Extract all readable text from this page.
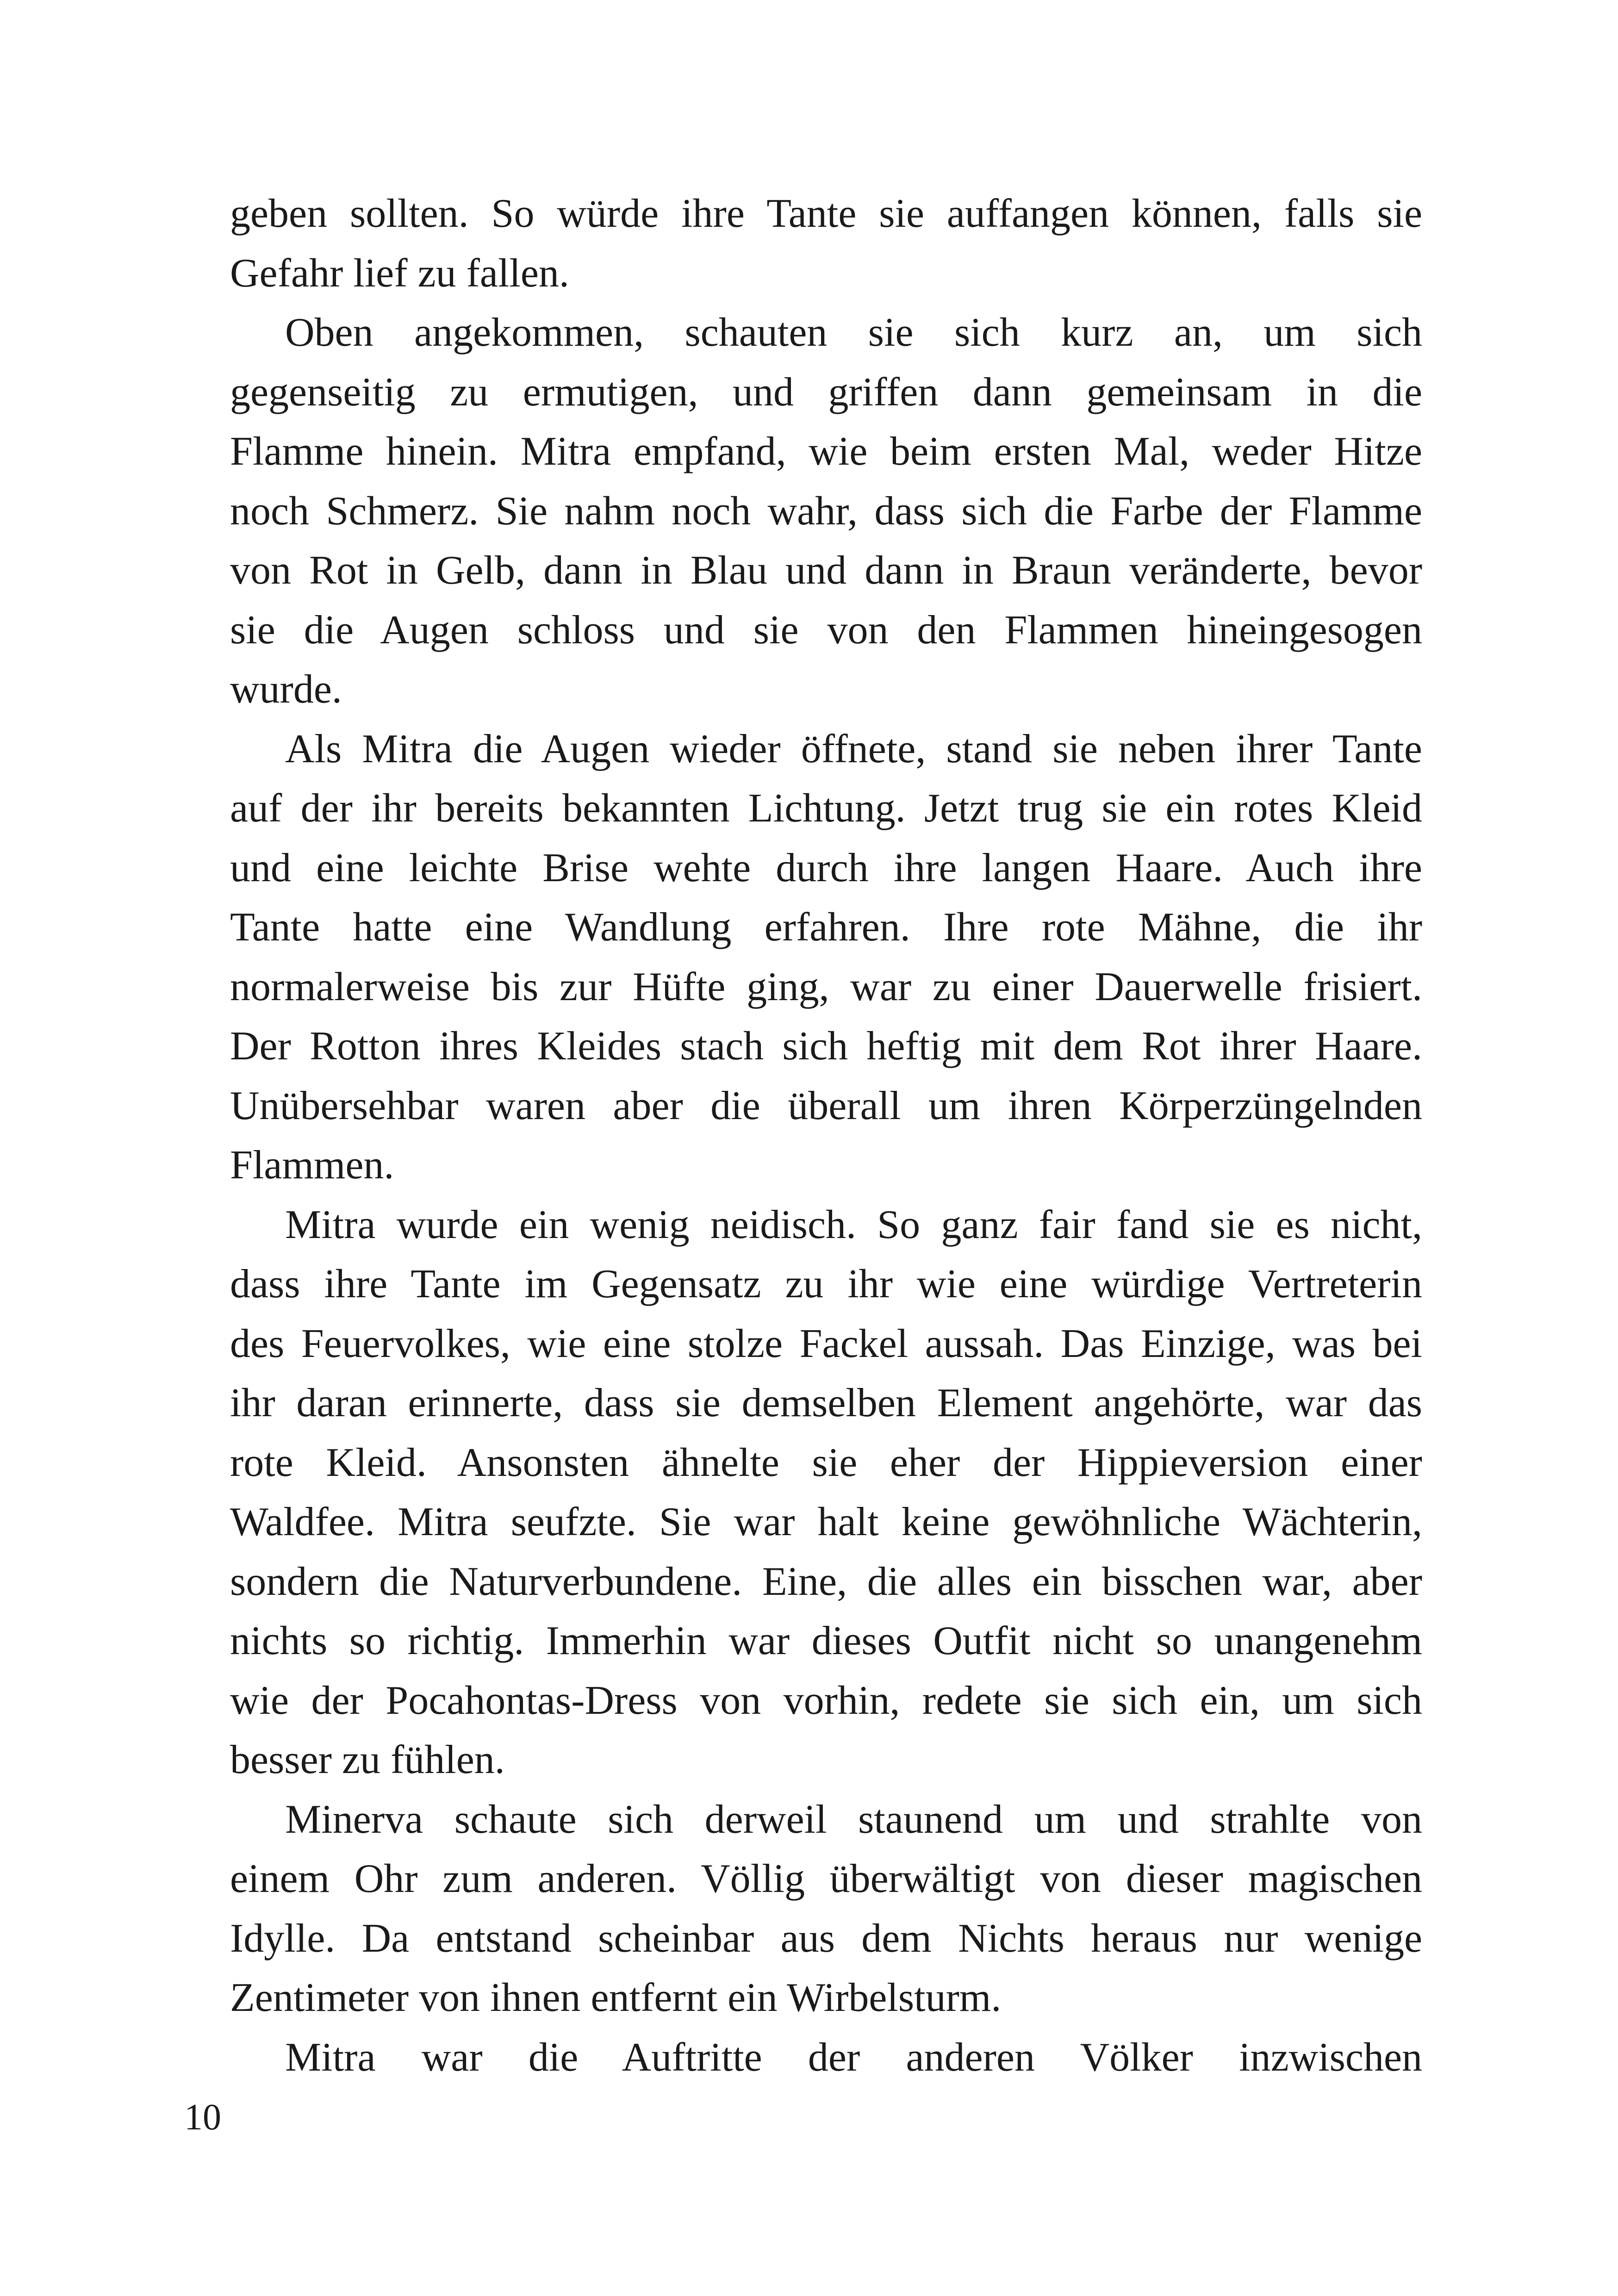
geben sollten. So würde ihre Tante sie auffangen können, falls sie

Gefahr lief zu fallen.

Oben angekommen, schauten sie sich kurz an, um sich

gegenseitig zu ermutigen, und griffen dann gemeinsam in die

Flamme hinein. Mitra empfand, wie beim ersten Mal, weder Hitze

noch Schmerz. Sie nahm noch wahr, dass sich die Farbe der Flamme

von Rot in Gelb, dann in Blau und dann in Braun veränderte, bevor

sie die Augen schloss und sie von den Flammen hineingesogen

wurde.

Als Mitra die Augen wieder öffnete, stand sie neben ihrer Tante

auf der ihr bereits bekannten Lichtung. Jetzt trug sie ein rotes Kleid

und eine leichte Brise wehte durch ihre langen Haare. Auch ihre

Tante hatte eine Wandlung erfahren. Ihre rote Mähne, die ihr

normalerweise bis zur Hüfte ging, war zu einer Dauerwelle frisiert.

Der Rotton ihres Kleides stach sich heftig mit dem Rot ihrer Haare.

Unübersehbar waren aber die überall um ihren Körperzüngelnden

Flammen.

Mitra wurde ein wenig neidisch. So ganz fair fand sie es nicht,

dass ihre Tante im Gegensatz zu ihr wie eine würdige Vertreterin

des Feuervolkes, wie eine stolze Fackel aussah. Das Einzige, was bei

ihr daran erinnerte, dass sie demselben Element angehörte, war das

rote Kleid. Ansonsten ähnelte sie eher der Hippieversion einer

Waldfee. Mitra seufzte. Sie war halt keine gewöhnliche Wächterin,

sondern die Naturverbundene. Eine, die alles ein bisschen war, aber

nichts so richtig. Immerhin war dieses Outfit nicht so unangenehm

wie der Pocahontas-Dress von vorhin, redete sie sich ein, um sich

besser zu fühlen.

Minerva schaute sich derweil staunend um und strahlte von

einem Ohr zum anderen. Völlig überwältigt von dieser magischen

Idylle. Da entstand scheinbar aus dem Nichts heraus nur wenige

Zentimeter von ihnen entfernt ein Wirbelsturm.

Mitra war die Auftritte der anderen Völker inzwischen

10
